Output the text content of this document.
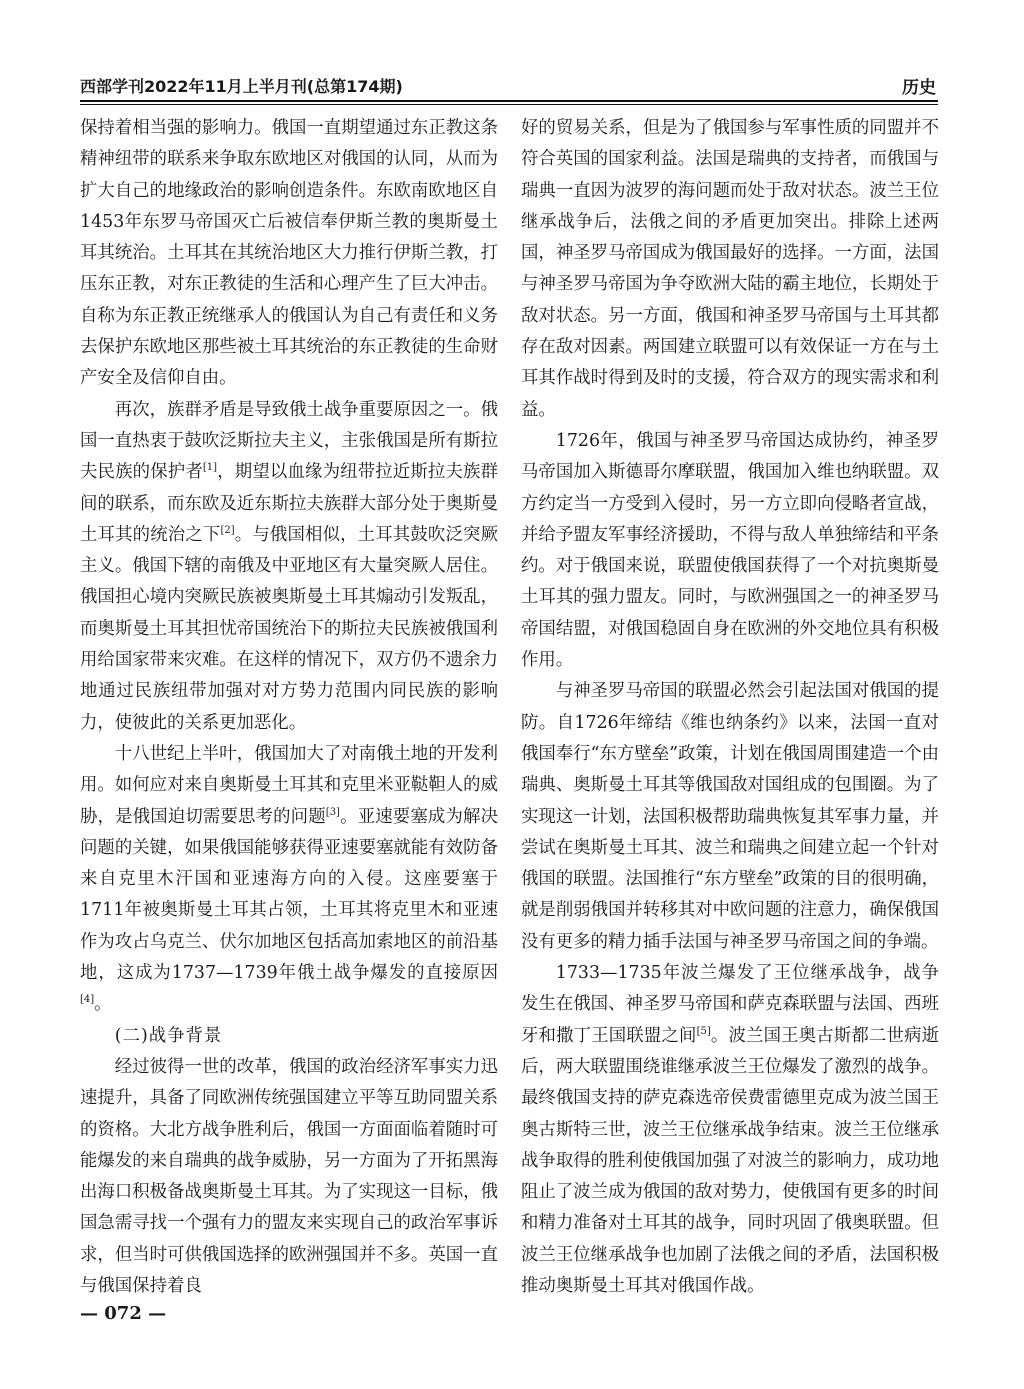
西部学刊2022年11月上半月刊(总第174期)	历史

保持着相当强的影响力。俄国一直期望通过东正教这条精神纽带的联系来争取东欧地区对俄国的认同，从而为扩大自己的地缘政治的影响创造条件。东欧南欧地区自1453年东罗马帝国灭亡后被信奉伊斯兰教的奥斯曼土耳其统治。土耳其在其统治地区大力推行伊斯兰教，打压东正教，对东正教徒的生活和心理产生了巨大冲击。自称为东正教正统继承人的俄国认为自己有责任和义务去保护东欧地区那些被土耳其统治的东正教徒的生命财产安全及信仰自由。

再次，族群矛盾是导致俄土战争重要原因之一。俄国一直热衷于鼓吹泛斯拉夫主义，主张俄国是所有斯拉夫民族的保护者[1]，期望以血缘为纽带拉近斯拉夫族群间的联系，而东欧及近东斯拉夫族群大部分处于奥斯曼土耳其的统治之下[2]。与俄国相似，土耳其鼓吹泛突厥主义。俄国下辖的南俄及中亚地区有大量突厥人居住。俄国担心境内突厥民族被奥斯曼土耳其煽动引发叛乱，而奥斯曼土耳其担忧帝国统治下的斯拉夫民族被俄国利用给国家带来灾难。在这样的情况下，双方仍不遗余力地通过民族纽带加强对对方势力范围内同民族的影响力，使彼此的关系更加恶化。

十八世纪上半叶，俄国加大了对南俄土地的开发利用。如何应对来自奥斯曼土耳其和克里米亚鞑靼人的威胁，是俄国迫切需要思考的问题[3]。亚速要塞成为解决问题的关键，如果俄国能够获得亚速要塞就能有效防备来自克里木汗国和亚速海方向的入侵。这座要塞于1711年被奥斯曼土耳其占领，土耳其将克里木和亚速作为攻占乌克兰、伏尔加地区包括高加索地区的前沿基地，这成为1737—1739年俄土战争爆发的直接原因[4]。

(二)战争背景

经过彼得一世的改革，俄国的政治经济军事实力迅速提升，具备了同欧洲传统强国建立平等互助同盟关系的资格。大北方战争胜利后，俄国一方面面临着随时可能爆发的来自瑞典的战争威胁，另一方面为了开拓黑海出海口积极备战奥斯曼土耳其。为了实现这一目标，俄国急需寻找一个强有力的盟友来实现自己的政治军事诉求，但当时可供俄国选择的欧洲强国并不多。英国一直与俄国保持着良

好的贸易关系，但是为了俄国参与军事性质的同盟并不符合英国的国家利益。法国是瑞典的支持者，而俄国与瑞典一直因为波罗的海问题而处于敌对状态。波兰王位继承战争后，法俄之间的矛盾更加突出。排除上述两国，神圣罗马帝国成为俄国最好的选择。一方面，法国与神圣罗马帝国为争夺欧洲大陆的霸主地位，长期处于敌对状态。另一方面，俄国和神圣罗马帝国与土耳其都存在敌对因素。两国建立联盟可以有效保证一方在与土耳其作战时得到及时的支援，符合双方的现实需求和利益。

1726年，俄国与神圣罗马帝国达成协约，神圣罗马帝国加入斯德哥尔摩联盟，俄国加入维也纳联盟。双方约定当一方受到入侵时，另一方立即向侵略者宣战，并给予盟友军事经济援助，不得与敌人单独缔结和平条约。对于俄国来说，联盟使俄国获得了一个对抗奥斯曼土耳其的强力盟友。同时，与欧洲强国之一的神圣罗马帝国结盟，对俄国稳固自身在欧洲的外交地位具有积极作用。

与神圣罗马帝国的联盟必然会引起法国对俄国的提防。自1726年缔结《维也纳条约》以来，法国一直对俄国奉行“东方壁垒”政策，计划在俄国周围建造一个由瑞典、奥斯曼土耳其等俄国敌对国组成的包围圈。为了实现这一计划，法国积极帮助瑞典恢复其军事力量，并尝试在奥斯曼土耳其、波兰和瑞典之间建立起一个针对俄国的联盟。法国推行“东方壁垒”政策的目的很明确，就是削弱俄国并转移其对中欧问题的注意力，确保俄国没有更多的精力插手法国与神圣罗马帝国之间的争端。

1733—1735年波兰爆发了王位继承战争，战争发生在俄国、神圣罗马帝国和萨克森联盟与法国、西班牙和撒丁王国联盟之间[5]。波兰国王奥古斯都二世病逝后，两大联盟围绕谁继承波兰王位爆发了激烈的战争。最终俄国支持的萨克森选帝侯费雷德里克成为波兰国王奥古斯特三世，波兰王位继承战争结束。波兰王位继承战争取得的胜利使俄国加强了对波兰的影响力，成功地阻止了波兰成为俄国的敌对势力，使俄国有更多的时间和精力准备对土耳其的战争，同时巩固了俄奥联盟。但波兰王位继承战争也加剧了法俄之间的矛盾，法国积极推动奥斯曼土耳其对俄国作战。

— 072 —
